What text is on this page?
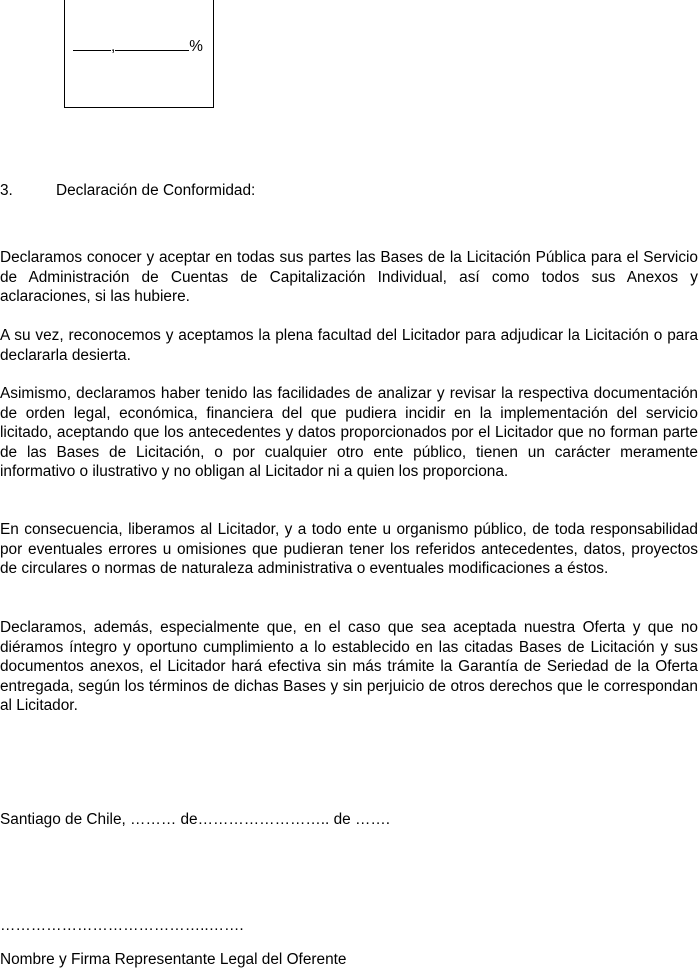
,	%
3.	Declaración de Conformidad:

Declaramos conocer y aceptar en todas sus partes las Bases de la Licitación Pública para el Servicio de Administración de Cuentas de Capitalización Individual, así como todos sus Anexos y aclaraciones, si las hubiere.

A su vez, reconocemos y aceptamos la plena facultad del Licitador para adjudicar la Licitación o para declararla desierta.

Asimismo, declaramos haber tenido las facilidades de analizar y revisar la respectiva documentación de orden legal, económica, financiera del que pudiera incidir en la implementación del servicio licitado, aceptando que los antecedentes y datos proporcionados por el Licitador que no forman parte de las Bases de Licitación, o por cualquier otro ente público, tienen un carácter meramente informativo o ilustrativo y no obligan al Licitador ni a quien los proporciona.

En consecuencia, liberamos al Licitador, y a todo ente u organismo público, de toda responsabilidad por eventuales errores u omisiones que pudieran tener los referidos antecedentes, datos, proyectos de circulares o normas de naturaleza administrativa o eventuales modificaciones a éstos.

Declaramos, además, especialmente que, en el caso que sea aceptada nuestra Oferta y que no diéramos íntegro y oportuno cumplimiento a lo establecido en las citadas Bases de Licitación y sus documentos anexos, el Licitador hará efectiva sin más trámite la Garantía de Seriedad de la Oferta entregada, según los términos de dichas Bases y sin perjuicio de otros derechos que le correspondan al Licitador.

Santiago de Chile, ……… de…………………….. de …….
…………………………………..…….
Nombre y Firma Representante Legal del Oferente
